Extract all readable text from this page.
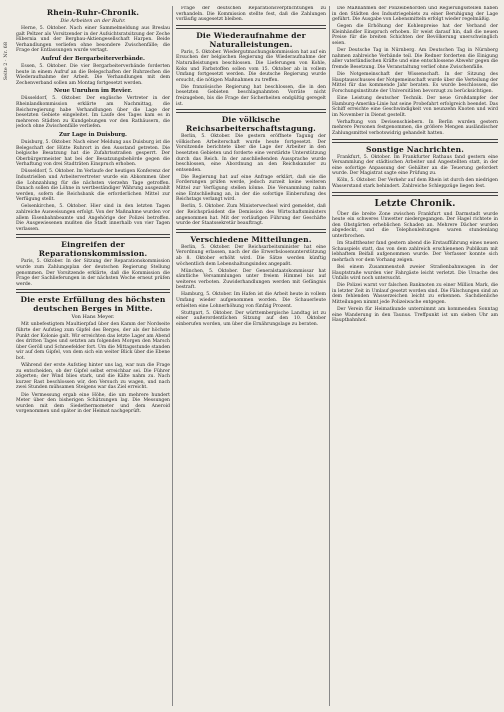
Seite 2 · Nr. 68
Rhein-Ruhr-Chronik.
Die Arbeiten an der Ruhr.

Herne, 5. Oktober. Nach einer Sammelmeldung aus Breslau galt Peltzer als Vorsitzender in der Aufsichtsratsitzung der Zeche Hibernia und der Bergbau-Aktiengesellschaft Harpen. Beide Verhandlungen verliefen ohne besondere Zwischenfälle; die Frage der Entlassungen wurde vertagt.

Aufruf der Bergarbeiterverbände.

Essen, 5. Oktober. Die vier Bergarbeiterverbände forderten heute in einem Aufruf an die Belegschaften der Ruhrzechen die Wiederaufnahme der Arbeit. Die Verhandlungen mit dem Zechenverband sollen am Montag fortgesetzt werden.

Neue Unruhen im Revier.

Düsseldorf, 5. Oktober. Der englische Vertreter in der Rheinlandkommission erklärte am Nachmittag, die Reichsregierung habe Verhandlungen über die Lage der besetzten Gebiete eingeleitet. Im Laufe des Tages kam es in mehreren Städten zu Kundgebungen vor den Rathäusern, die jedoch ohne Zwischenfälle verliefen.

Zur Lage in Duisburg.

Duisburg, 5. Oktober. Nach einer Meldung aus Duisburg ist die Belegschaft der Hütte Ruhrort in den Ausstand getreten. Die belgische Besatzung hat die Zufahrtsstraßen gesperrt. Der Oberbürgermeister hat bei der Besatzungsbehörde gegen die Verhaftung von drei Stadträten Einspruch erhoben.

Düsseldorf, 5. Oktober. Im Verlaufe der heutigen Konferenz der Industriellen und Arbeitervertreter wurde ein Abkommen über die Lohnzahlung für die nächsten vierzehn Tage getroffen. Danach sollen die Löhne in wertbeständiger Währung ausgezahlt werden, sofern die Reichsbank die erforderlichen Mittel zur Verfügung stellt.

Gelsenkirchen, 5. Oktober. Hier sind in den letzten Tagen zahlreiche Ausweisungen erfolgt. Von der Maßnahme wurden vor allem Eisenbahnbeamte und Angehörige der Polizei betroffen. Die Ausgewiesenen mußten die Stadt innerhalb von vier Tagen verlassen.

Eingreifen der Reparationskommission.

Paris, 5. Oktober. In der Sitzung der Reparationskommission wurde zum Zahlungsplan der deutschen Regierung Stellung genommen. Der Vorsitzende erklärte, daß die Kommission die Frage der Sachlieferungen in der nächsten Woche erneut prüfen werde.

Die erste Erfüllung des höchsten deutschen Berges in Mitte.
Von Hans Meyer.

Mit unbefestigtem Maultierpfad über den Kamm der Nordseite führte der Aufstieg zum Gipfel des Berges, der als der höchste Punkt der Kolonie galt. Wir erreichten das letzte Lager am Abend des dritten Tages und setzten am folgenden Morgen den Marsch über Geröll und Schneefelder fort. Um die Mittagsstunde standen wir auf dem Gipfel, von dem sich ein weiter Blick über die Ebene bot.

Während der erste Aufstieg hinter uns lag, war nun die Frage zu entscheiden, ob der Gipfel selbst erreichbar sei. Die Führer zögerten; der Wind blies stark, und die Kälte nahm zu. Nach kurzer Rast beschlossen wir, den Versuch zu wagen, und nach zwei Stunden mühsamen Steigens war das Ziel erreicht.

Die Vermessung ergab eine Höhe, die um mehrere hundert Meter über den bisherigen Schätzungen lag. Die Messungen wurden mit dem Siedethermometer und dem Aneroid vorgenommen und später in der Heimat nachgeprüft.

Frage der deutschen Reparationsverpflichtungen zu verhandeln. Die Kommission stellte fest, daß die Zahlungen vorläufig ausgesetzt bleiben.

Die Wiederaufnahme der Naturalleistungen.

Paris, 5. Oktober. Wiedergutmachungskommission hat auf ein Ersuchen der belgischen Regierung die Wiederaufnahme der Naturalleistungen beschlossen. Die Lieferungen von Kohle, Koks und Farbstoffen sollen vom 15. Oktober ab in vollem Umfang fortgesetzt werden. Die deutsche Regierung wurde ersucht, die nötigen Maßnahmen zu treffen.

Die französische Regierung hat beschlossen, die in den besetzten Gebieten beschlagnahmten Vorräte nicht freizugeben, bis die Frage der Sicherheiten endgültig geregelt ist.

Die völkische Reichsarbeiterschaftstagung.

Berlin, 5. Oktober. Die gestern eröffnete Tagung der völkischen Arbeiterschaft wurde heute fortgesetzt. Der Vorsitzende berichtete über die Lage der Arbeiter in den besetzten Gebieten und forderte eine verstärkte Unterstützung durch das Reich. In der anschließenden Aussprache wurde beschlossen, eine Abordnung an den Reichskanzler zu entsenden.

Die Regierung hat auf eine Anfrage erklärt, daß sie die Forderungen prüfen werde, jedoch zurzeit keine weiteren Mittel zur Verfügung stellen könne. Die Versammlung nahm eine Entschließung an, in der die sofortige Einberufung des Reichstags verlangt wird.

Berlin, 5. Oktober. Zum Ministerwechsel wird gemeldet, daß der Reichspräsident die Demission des Wirtschaftsministers angenommen hat. Mit der vorläufigen Führung der Geschäfte wurde der Staatssekretär beauftragt.

Verschiedene Mitteilungen.

Berlin, 5. Oktober. Der Reichsarbeitsminister hat eine Verordnung erlassen, nach der die Erwerbslosenunterstützung ab 8. Oktober erhöht wird. Die Sätze werden künftig wöchentlich dem Lebenshaltungsindex angepaßt.

München, 5. Oktober. Der Generalstaatskommissar hat sämtliche Versammlungen unter freiem Himmel bis auf weiteres verboten. Zuwiderhandlungen werden mit Gefängnis bestraft.

Hamburg, 5. Oktober. Im Hafen ist die Arbeit heute in vollem Umfang wieder aufgenommen worden. Die Schauerleute erhielten eine Lohnerhöhung von fünfzig Prozent.

Stuttgart, 5. Oktober. Der württembergische Landtag ist zu einer außerordentlichen Sitzung auf den 10. Oktober einberufen worden, um über die Ernährungslage zu beraten.

Die Maßnahmen der Polizeibehörden und Regierungsstellen haben in den Städten des Industriegebiets zu einer Beruhigung der Lage geführt. Die Ausgabe von Lebensmitteln erfolgt wieder regelmäßig.

Gegen die Erhöhung der Kohlenpreise hat der Verband der Kleinhändler Einspruch erhoben. Er weist darauf hin, daß die neuen Preise für die breiten Schichten der Bevölkerung unerschwinglich seien.

Der Deutsche Tag in Nürnberg. Am Deutschen Tag in Nürnberg nahmen zahlreiche Verbände teil. Die Redner forderten die Einigung aller vaterländischen Kräfte und eine entschlossene Abwehr gegen die fremde Besetzung. Die Veranstaltung verlief ohne Zwischenfälle.

Die Notgemeinschaft der Wissenschaft. In der Sitzung des Hauptausschusses der Notgemeinschaft wurde über die Verteilung der Mittel für das kommende Jahr beraten. Es wurde beschlossen, die Forschungsinstitute der Universitäten bevorzugt zu berücksichtigen.

Eine Leistung deutscher Technik. Der neue Großdampfer der Hamburg-Amerika-Linie hat seine Probefahrt erfolgreich beendet. Das Schiff erreichte eine Geschwindigkeit von neunzehn Knoten und wird im November in Dienst gestellt.

Verhaftung von Devisenschiebern. In Berlin wurden gestern mehrere Personen festgenommen, die größere Mengen ausländischer Zahlungsmittel verbotswidrig gehandelt hatten.

Sonstige Nachrichten.

Frankfurt, 5. Oktober. Im Frankfurter Rathaus fand gestern eine Versammlung der städtischen Arbeiter und Angestellten statt, in der eine sofortige Anpassung der Gehälter an die Teuerung gefordert wurde. Der Magistrat sagte eine Prüfung zu.

Köln, 5. Oktober. Der Verkehr auf dem Rhein ist durch den niedrigen Wasserstand stark behindert. Zahlreiche Schleppzüge liegen fest.

Letzte Chronik.

Über die breite Zone zwischen Frankfurt und Darmstadt wurde heute ein schweres Unwetter niedergegangen. Der Hagel richtete in den Obstgärten erheblichen Schaden an. Mehrere Dächer wurden abgedeckt, und die Telephonleitungen waren stundenlang unterbrochen.

Im Stadttheater fand gestern abend die Erstaufführung eines neuen Schauspiels statt, das von dem zahlreich erschienenen Publikum mit lebhaftem Beifall aufgenommen wurde. Der Verfasser konnte sich mehrfach vor dem Vorhang zeigen.

Bei einem Zusammenstoß zweier Straßenbahnwagen in der Hauptstraße wurden vier Fahrgäste leicht verletzt. Die Ursache des Unfalls wird noch untersucht.

Die Polizei warnt vor falschen Banknoten zu einer Million Mark, die in letzter Zeit in Umlauf gesetzt worden sind. Die Fälschungen sind an dem fehlenden Wasserzeichen leicht zu erkennen. Sachdienliche Mitteilungen nimmt jede Polizeiwache entgegen.

Der Verein für Heimatkunde unternimmt am kommenden Sonntag eine Wanderung in den Taunus. Treffpunkt ist um sieben Uhr am Hauptbahnhof.
